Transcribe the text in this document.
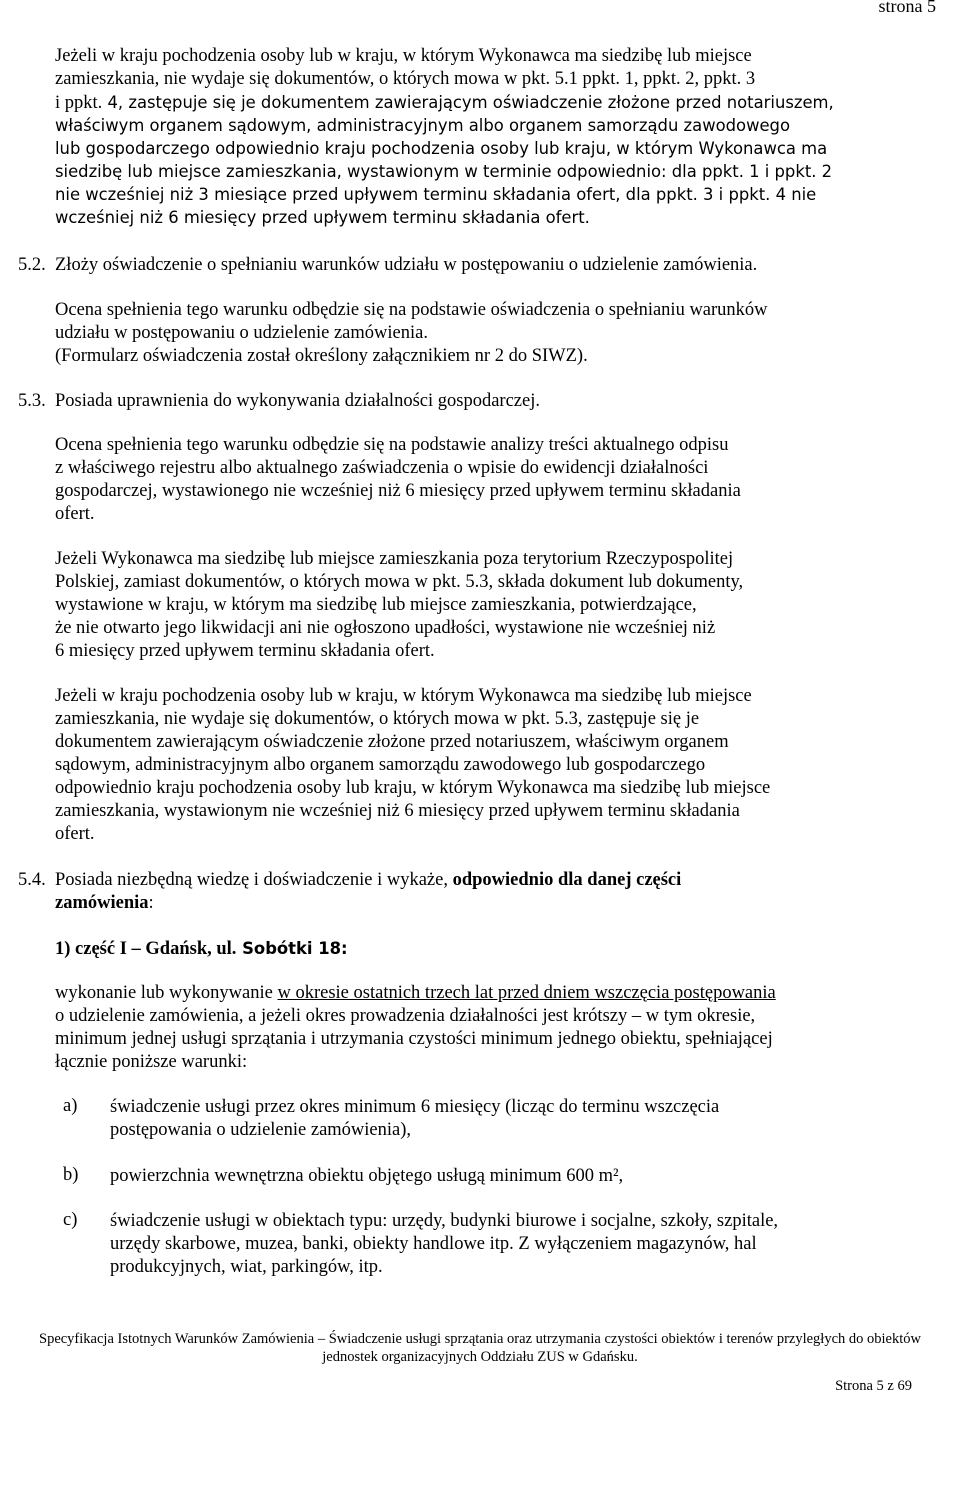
strona 5
Jeżeli w kraju pochodzenia osoby lub w kraju, w którym Wykonawca ma siedzibę lub miejsce
zamieszkania, nie wydaje się dokumentów, o których mowa w pkt. 5.1 ppkt. 1, ppkt. 2, ppkt. 3
i ppkt. 4, zastępuje się je dokumentem zawierającym oświadczenie złożone przed notariuszem,
właściwym organem sądowym, administracyjnym albo organem samorządu zawodowego
lub gospodarczego odpowiednio kraju pochodzenia osoby lub kraju, w którym Wykonawca ma
siedzibę lub miejsce zamieszkania, wystawionym w terminie odpowiednio: dla ppkt. 1 i ppkt. 2
nie wcześniej niż 3 miesiące przed upływem terminu składania ofert, dla ppkt. 3 i ppkt. 4 nie
wcześniej niż 6 miesięcy przed upływem terminu składania ofert.
5.2. Złoży oświadczenie o spełnianiu warunków udziału w postępowaniu o udzielenie zamówienia.
Ocena spełnienia tego warunku odbędzie się na podstawie oświadczenia o spełnianiu warunków
udziału w postępowaniu o udzielenie zamówienia.
(Formularz oświadczenia został określony załącznikiem nr 2 do SIWZ).
5.3. Posiada uprawnienia do wykonywania działalności gospodarczej.
Ocena spełnienia tego warunku odbędzie się na podstawie analizy treści aktualnego odpisu
z właściwego rejestru albo aktualnego zaświadczenia o wpisie do ewidencji działalności
gospodarczej, wystawionego nie wcześniej niż 6 miesięcy przed upływem terminu składania
ofert.
Jeżeli Wykonawca ma siedzibę lub miejsce zamieszkania poza terytorium Rzeczypospolitej
Polskiej, zamiast dokumentów, o których mowa w pkt. 5.3, składa dokument lub dokumenty,
wystawione w kraju, w którym ma siedzibę lub miejsce zamieszkania, potwierdzające,
że nie otwarto jego likwidacji ani nie ogłoszono upadłości, wystawione nie wcześniej niż
6 miesięcy przed upływem terminu składania ofert.
Jeżeli w kraju pochodzenia osoby lub w kraju, w którym Wykonawca ma siedzibę lub miejsce
zamieszkania, nie wydaje się dokumentów, o których mowa w pkt. 5.3, zastępuje się je
dokumentem zawierającym oświadczenie złożone przed notariuszem, właściwym organem
sądowym, administracyjnym albo organem samorządu zawodowego lub gospodarczego
odpowiednio kraju pochodzenia osoby lub kraju, w którym Wykonawca ma siedzibę lub miejsce
zamieszkania, wystawionym nie wcześniej niż 6 miesięcy przed upływem terminu składania
ofert.
5.4. Posiada niezbędną wiedzę i doświadczenie i wykaże, odpowiednio dla danej części
zamówienia:
1) część I – Gdańsk, ul. Sobótki 18:
wykonanie lub wykonywanie w okresie ostatnich trzech lat przed dniem wszczęcia postępowania
o udzielenie zamówienia, a jeżeli okres prowadzenia działalności jest krótszy – w tym okresie,
minimum jednej usługi sprzątania i utrzymania czystości minimum jednego obiektu, spełniającej
łącznie poniższe warunki:
a) świadczenie usługi przez okres minimum 6 miesięcy (licząc do terminu wszczęcia
postępowania o udzielenie zamówienia),
b) powierzchnia wewnętrzna obiektu objętego usługą minimum 600 m²,
c) świadczenie usługi w obiektach typu: urzędy, budynki biurowe i socjalne, szkoły, szpitale,
urzędy skarbowe, muzea, banki, obiekty handlowe itp. Z wyłączeniem magazynów, hal
produkcyjnych, wiat, parkingów, itp.
Specyfikacja Istotnych Warunków Zamówienia – Świadczenie usługi sprzątania oraz utrzymania czystości obiektów i terenów przyległych do obiektów
jednostek organizacyjnych Oddziału ZUS w Gdańsku.
Strona 5 z 69
